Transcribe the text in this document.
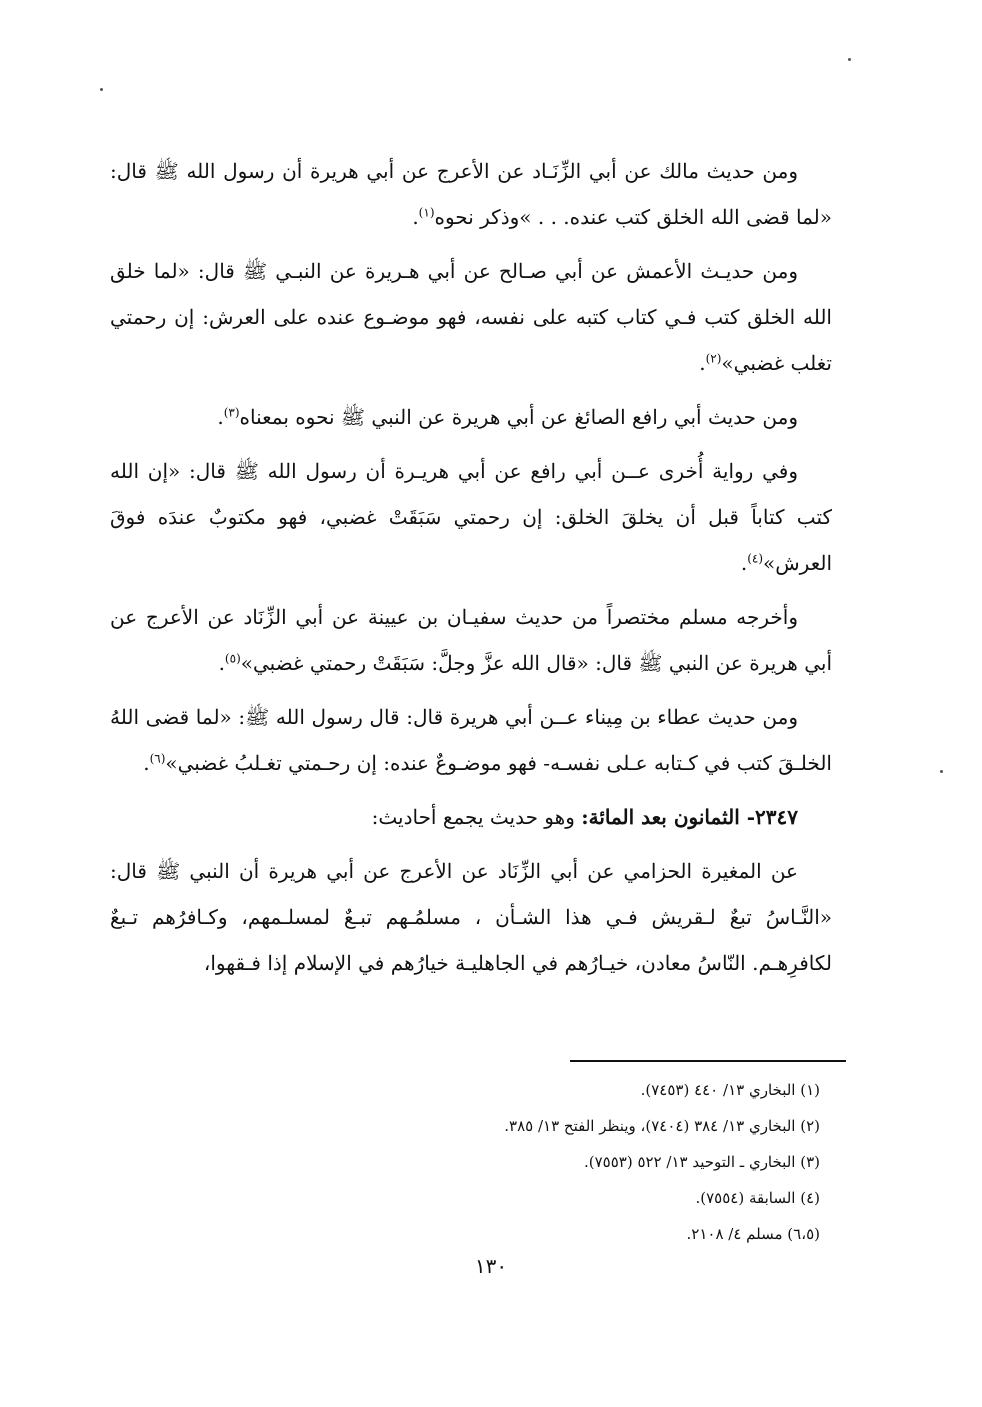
ومن حديث مالك عن أبي الزِّنَـاد عن الأعرج عن أبي هريرة أن رسول الله ﷺ قال: «لما قضى الله الخلق كتب عنده. . . »وذكر نحوه$^{(١)}$.

ومن حديـث الأعمش عن أبي صـالح عن أبي هـريرة عن النبـي ﷺ قال: «لما خلق الله الخلق كتب فـي كتاب كتبه على نفسه، فهو موضـوع عنده على العرش: إن رحمتي تغلب غضبي»$^{(٢)}$.

ومن حديث أبي رافع الصائغ عن أبي هريرة عن النبي ﷺ نحوه بمعناه$^{(٣)}$.

وفي رواية أُخرى عــن أبي رافع عن أبي هريـرة أن رسول الله ﷺ قال: «إن الله كتب كتاباً قبل أن يخلقَ الخلق: إن رحمتي سَبَقَتْ غضبي، فهو مكتوبٌ عندَه فوقَ العرش»$^{(٤)}$.

وأخرجه مسلم مختصراً من حديث سفيـان بن عيينة عن أبي الزِّنَاد عن الأعرج عن أبي هريرة عن النبي ﷺ قال: «قال الله عزَّ وجلَّ: سَبَقَتْ رحمتي غضبي»$^{(٥)}$.

ومن حديث عطاء بن مِيناء عــن أبي هريرة قال: قال رسول الله ﷺ: «لما قضى اللهُ الخلـقَ كتب في كـتابه عـلى نفسـه- فهو موضـوعٌ عنده: إن رحـمتي تغـلبُ غضبي»$^{(٦)}$.

٢٣٤٧- الثمانون بعد المائة: وهو حديث يجمع أحاديث:

عن المغيرة الحزامي عن أبي الزِّنَاد عن الأعرج عن أبي هريرة أن النبي ﷺ قال: «النَّـاسُ تبعٌ لـقريش فـي هذا الشـأن ، مسلمُـهم تبـعٌ لمسلـمهم، وكـافرُهم تـبعٌ لكافرِهـم. النّاسُ معادن، خيـارُهم في الجاهليـة خيارُهم في الإسلام إذا فـقهوا،

(١) البخاري ١٣/ ٤٤٠ (٧٤٥٣).
(٢) البخاري ١٣/ ٣٨٤ (٧٤٠٤)، وينظر الفتح ١٣/ ٣٨٥.
(٣) البخاري ـ التوحيد ١٣/ ٥٢٢ (٧٥٥٣).
(٤) السابقة (٧٥٥٤).
(٦،٥) مسلم ٤/ ٢١٠٨.
١٣٠
